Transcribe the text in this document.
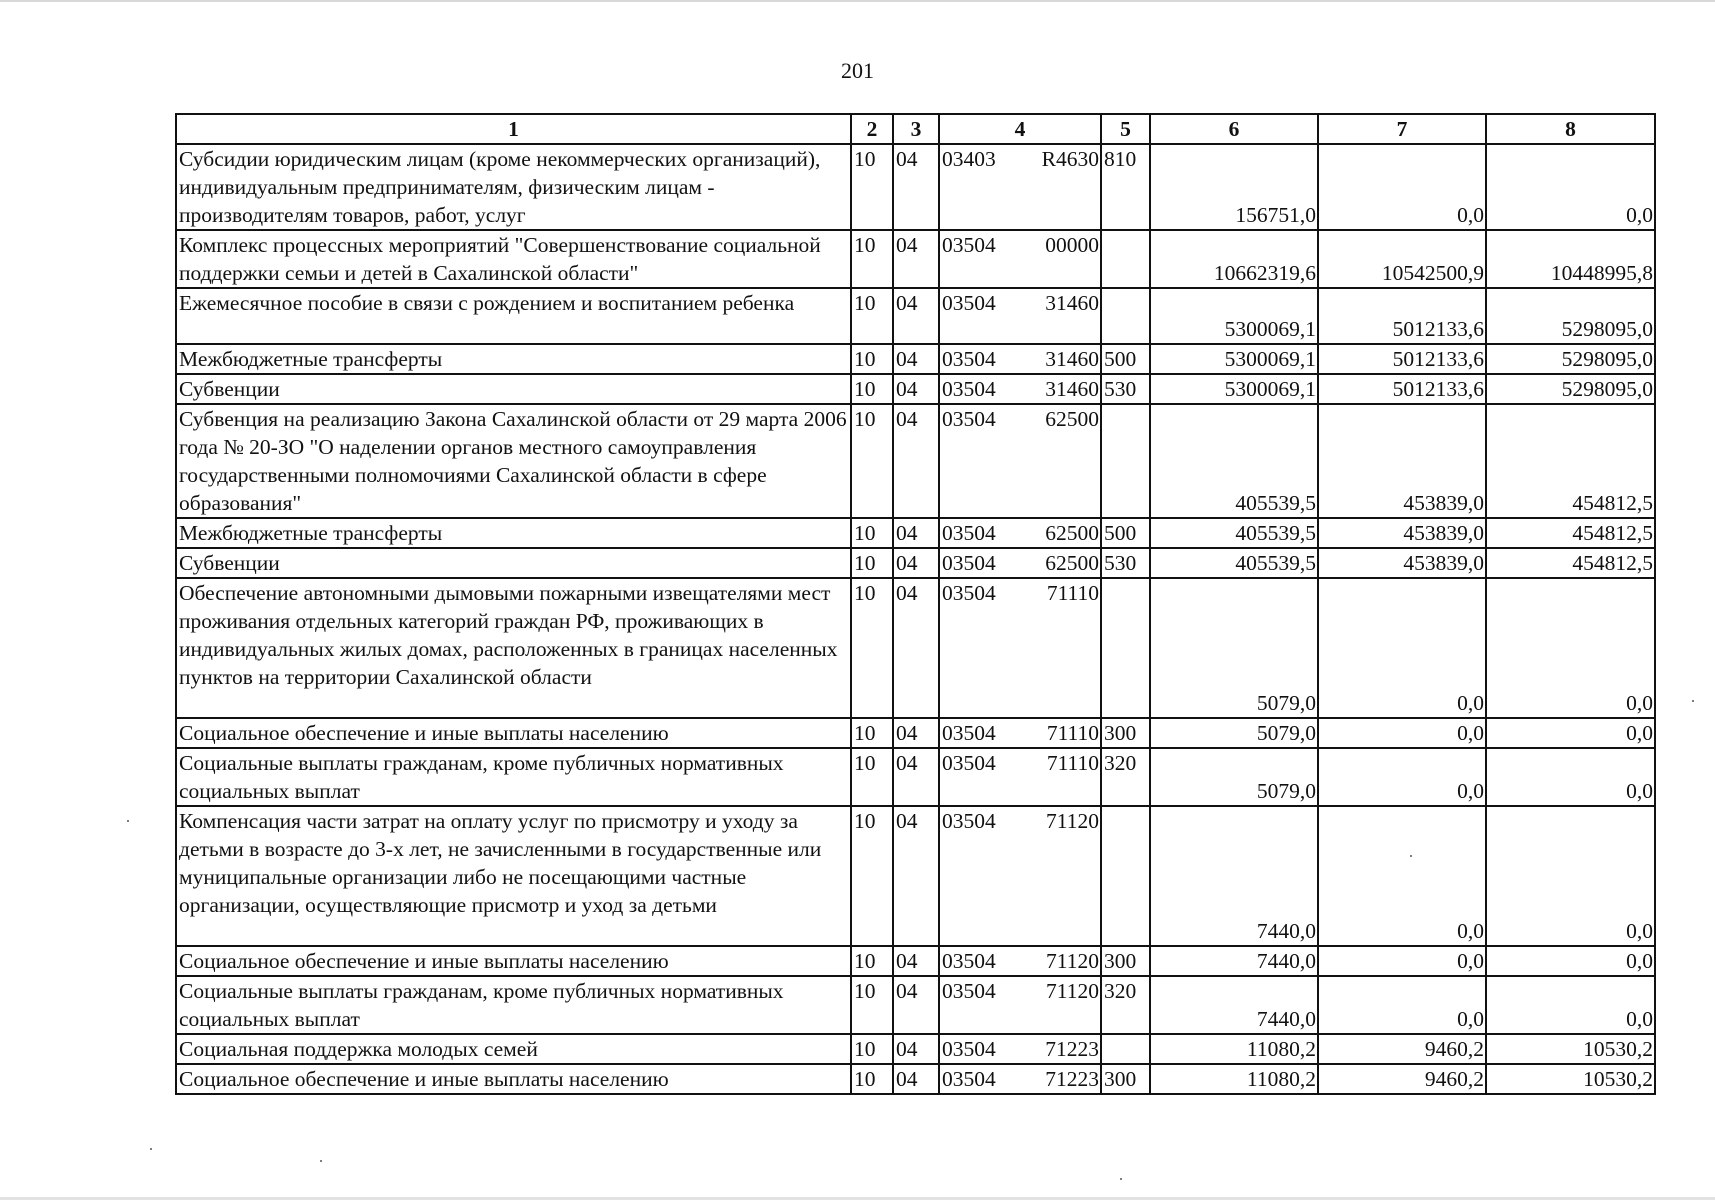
201
1	2	3	4	5	6	7	8
Субсидии юридическим лицам (кроме некоммерческих организаций), индивидуальным предпринимателям, физическим лицам - производителям товаров, работ, услуг	10	04	03403 R4630	810	156751,0	0,0	0,0
Комплекс процессных мероприятий "Совершенствование социальной поддержки семьи и детей в Сахалинской области"	10	04	03504 00000		10662319,6	10542500,9	10448995,8
Ежемесячное пособие в связи с рождением и воспитанием ребенка	10	04	03504 31460		5300069,1	5012133,6	5298095,0
Межбюджетные трансферты	10	04	03504 31460	500	5300069,1	5012133,6	5298095,0
Субвенции	10	04	03504 31460	530	5300069,1	5012133,6	5298095,0
Субвенция на реализацию Закона Сахалинской области от 29 марта 2006 года № 20-ЗО "О наделении органов местного самоуправления государственными полномочиями Сахалинской области в сфере образования"	10	04	03504 62500		405539,5	453839,0	454812,5
Межбюджетные трансферты	10	04	03504 62500	500	405539,5	453839,0	454812,5
Субвенции	10	04	03504 62500	530	405539,5	453839,0	454812,5
Обеспечение автономными дымовыми пожарными извещателями мест проживания отдельных категорий граждан РФ, проживающих в индивидуальных жилых домах, расположенных в границах населенных пунктов на территории Сахалинской области	10	04	03504 71110		5079,0	0,0	0,0
Социальное обеспечение и иные выплаты населению	10	04	03504 71110	300	5079,0	0,0	0,0
Социальные выплаты гражданам, кроме публичных нормативных социальных выплат	10	04	03504 71110	320	5079,0	0,0	0,0
Компенсация части затрат на оплату услуг по присмотру и уходу за детьми в возрасте до 3-х лет, не зачисленными в государственные или муниципальные организации либо не посещающими частные организации, осуществляющие присмотр и уход за детьми	10	04	03504 71120		7440,0	0,0	0,0
Социальное обеспечение и иные выплаты населению	10	04	03504 71120	300	7440,0	0,0	0,0
Социальные выплаты гражданам, кроме публичных нормативных социальных выплат	10	04	03504 71120	320	7440,0	0,0	0,0
Социальная поддержка молодых семей	10	04	03504 71223		11080,2	9460,2	10530,2
Социальное обеспечение и иные выплаты населению	10	04	03504 71223	300	11080,2	9460,2	10530,2
